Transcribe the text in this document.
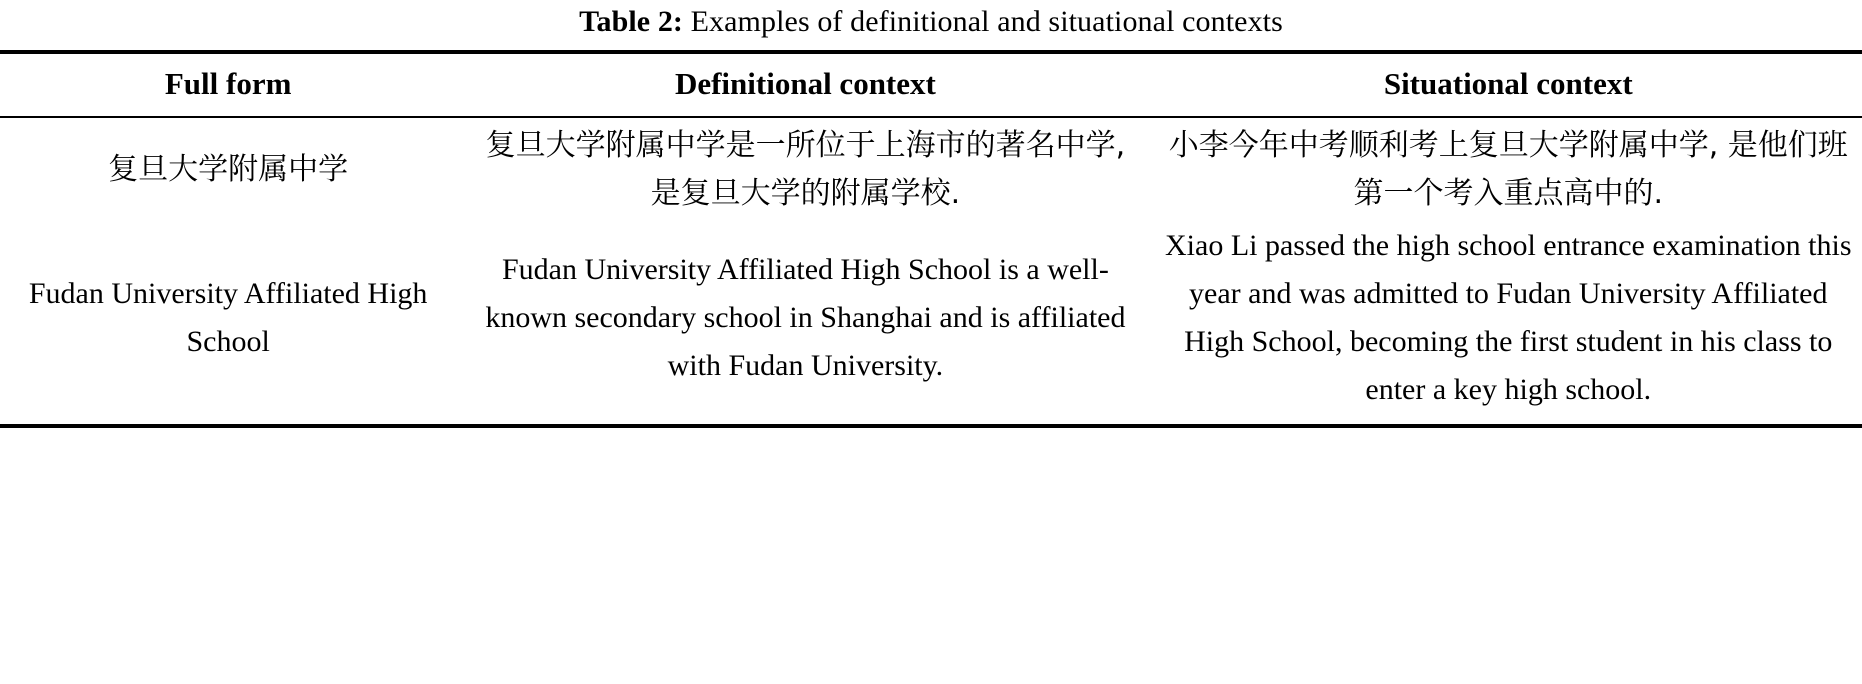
Table 2: Examples of definitional and situational contexts
Full form	Definitional context	Situational context
复旦大学附属中学	复旦大学附属中学是一所位于上海市的著名中学, 是复旦大学的附属学校.	小李今年中考顺利考上复旦大学附属中学, 是他们班第一个考入重点高中的.
Fudan University Affiliated High School	Fudan University Affiliated High School is a well-known secondary school in Shanghai and is affiliated with Fudan University.	Xiao Li passed the high school entrance examination this year and was admitted to Fudan University Affiliated High School, becoming the first student in his class to enter a key high school.
